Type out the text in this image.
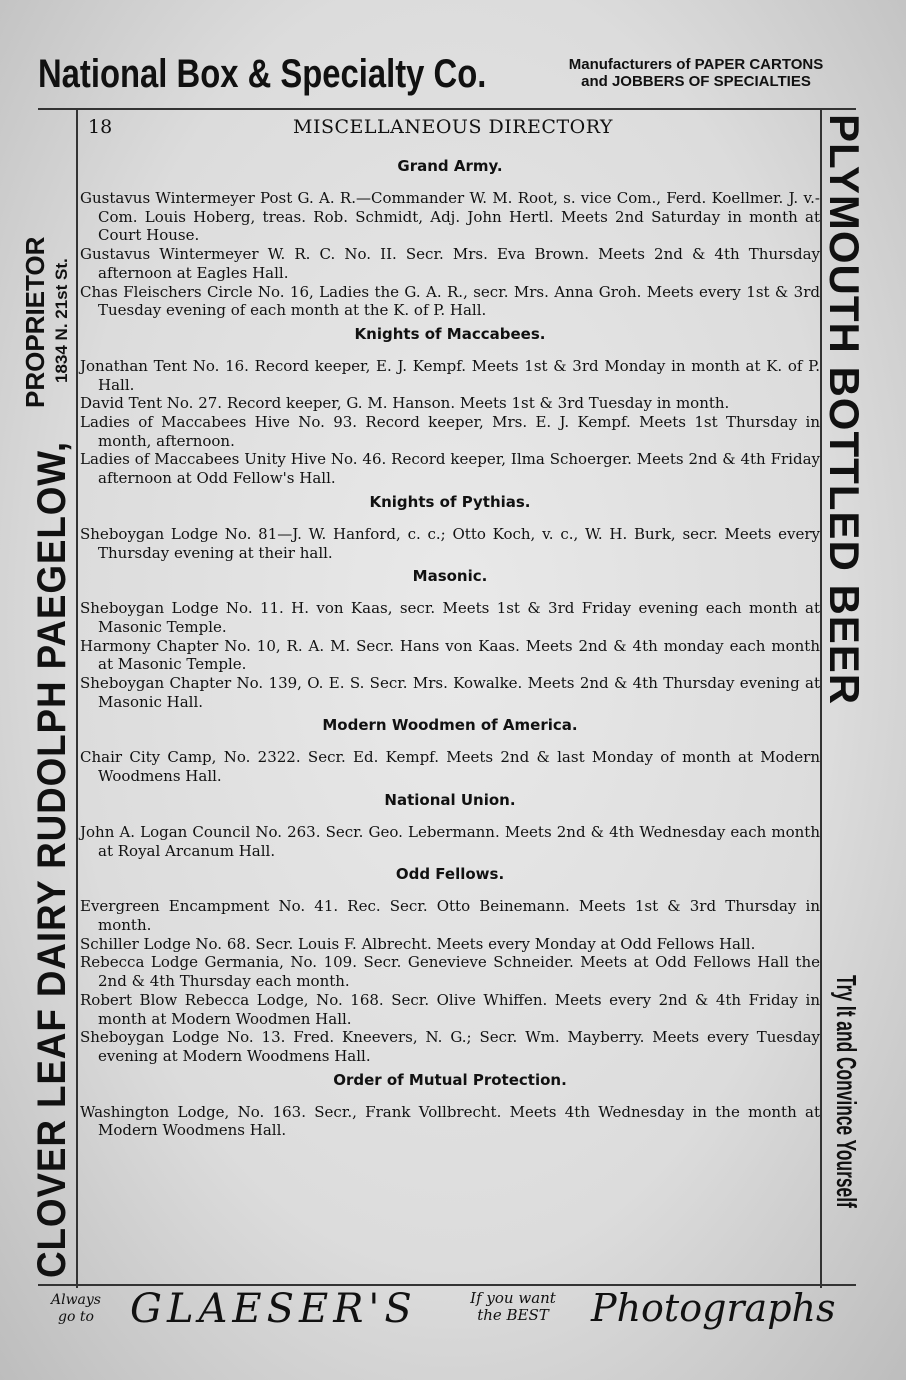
National Box & Specialty Co.	Manufacturers of PAPER CARTONS
and JOBBERS OF SPECIALTIES
CLOVER LEAF DAIRY RUDOLPH PAEGELOW,
PROPRIETOR 1834 N. 21st St.	PLYMOUTH BOTTLED BEER
Try It and Convince Yourself
18	MISCELLANEOUS DIRECTORY
Grand Army.

Gustavus Wintermeyer Post G. A. R.—Commander W. M. Root, s. vice Com., Ferd. Koellmer. J. v.-Com. Louis Hoberg, treas. Rob. Schmidt, Adj. John Hertl. Meets 2nd Saturday in month at Court House.

Gustavus Wintermeyer W. R. C. No. II. Secr. Mrs. Eva Brown. Meets 2nd & 4th Thursday afternoon at Eagles Hall.

Chas Fleischers Circle No. 16, Ladies the G. A. R., secr. Mrs. Anna Groh. Meets every 1st & 3rd Tuesday evening of each month at the K. of P. Hall.

Knights of Maccabees.

Jonathan Tent No. 16. Record keeper, E. J. Kempf. Meets 1st & 3rd Monday in month at K. of P. Hall.

David Tent No. 27. Record keeper, G. M. Hanson. Meets 1st & 3rd Tuesday in month.

Ladies of Maccabees Hive No. 93. Record keeper, Mrs. E. J. Kempf. Meets 1st Thursday in month, afternoon.

Ladies of Maccabees Unity Hive No. 46. Record keeper, Ilma Schoerger. Meets 2nd & 4th Friday afternoon at Odd Fellow's Hall.

Knights of Pythias.

Sheboygan Lodge No. 81—J. W. Hanford, c. c.; Otto Koch, v. c., W. H. Burk, secr. Meets every Thursday evening at their hall.

Masonic.

Sheboygan Lodge No. 11. H. von Kaas, secr. Meets 1st & 3rd Friday evening each month at Masonic Temple.

Harmony Chapter No. 10, R. A. M. Secr. Hans von Kaas. Meets 2nd & 4th monday each month at Masonic Temple.

Sheboygan Chapter No. 139, O. E. S. Secr. Mrs. Kowalke. Meets 2nd & 4th Thursday evening at Masonic Hall.

Modern Woodmen of America.

Chair City Camp, No. 2322. Secr. Ed. Kempf. Meets 2nd & last Monday of month at Modern Woodmens Hall.

National Union.

John A. Logan Council No. 263. Secr. Geo. Lebermann. Meets 2nd & 4th Wednesday each month at Royal Arcanum Hall.

Odd Fellows.

Evergreen Encampment No. 41. Rec. Secr. Otto Beinemann. Meets 1st & 3rd Thursday in month.

Schiller Lodge No. 68. Secr. Louis F. Albrecht. Meets every Monday at Odd Fellows Hall.

Rebecca Lodge Germania, No. 109. Secr. Genevieve Schneider. Meets at Odd Fellows Hall the 2nd & 4th Thursday each month.

Robert Blow Rebecca Lodge, No. 168. Secr. Olive Whiffen. Meets every 2nd & 4th Friday in month at Modern Woodmen Hall.

Sheboygan Lodge No. 13. Fred. Kneevers, N. G.; Secr. Wm. Mayberry. Meets every Tuesday evening at Modern Woodmens Hall.

Order of Mutual Protection.

Washington Lodge, No. 163. Secr., Frank Vollbrecht. Meets 4th Wednesday in the month at Modern Woodmens Hall.

Always
go to GLAESER'S	If you want
the BEST	Photographs
